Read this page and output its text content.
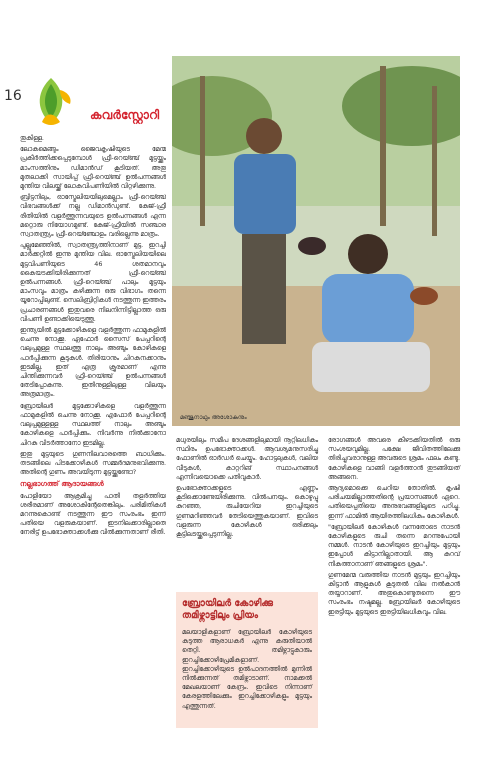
16
കവർസ്റ്റോറി
മഞ്ജുനാഥും അശോകനും

തുകിള്ള.

ലോകമെങ്ങും ജൈവകൃഷിയുടെ മേന്മ പ്രകീർത്തിക്കപ്പെടുമ്പോൾ ഫ്രീ-റെയ്ഞ്ച് മുട്ടയ്ക്കും മാംസത്തിനും ഡിമാൻഡ് കൂടിയത്. അതു മുതലാക്കി സായിപ്പ് ഫ്രീ-റെയ്ഞ്ച് ഉൽപന്നങ്ങൾ മുന്തിയ വിലയ്ക്ക് ലോകവിപണിയിൽ വിറ്റഴിക്കുന്നു.

ബ്രിട്ടനിലും, ഓസ്ട്രേലിയയിലുമെല്ലാം ഫ്രീ-റെയ്ഞ്ച് വിഭവങ്ങൾക്ക് നല്ല ഡിമാൻഡുണ്ട്. കേജ്-ഫ്രീ രീതിയിൽ വളർത്തുന്നവയുടെ ഉൽപന്നങ്ങൾ എന്ന മറ്റൊരു നിയോഗമുണ്ട്. കേജ്-ഫ്രീയിൽ സഞ്ചാര സ്വാതന്ത്ര്യം ഫ്രീ-റെയ്ഞ്ചോളം വരില്ലെന്നു മാത്രം.

പുല്ലുമേഞ്ഞിൽ, സ്വാതന്ത്ര്യത്തിനാണ് മുട്ട. ഇറച്ചി മാർക്കറ്റിൽ ഇന്നു മുന്തിയ വില. ഓസ്ട്രേലിയയിലെ മുട്ടവിപണിയുടെ 46 ശതമാനവും കൈയടക്കിയിരിക്കുന്നത് ഫ്രീ-റെയ്ഞ്ച് ഉൽപന്നങ്ങൾ. ഫ്രീ-റെയ്ഞ്ച് പാലും മുട്ടയും മാംസവും മാത്രം കഴിക്കുന്ന ഒരു വിഭാഗം തന്നെ യൂറോപ്പിലുണ്ട്. സെലിബ്രിറ്റികൾ നടത്തുന്ന ഇത്തരം പ്രചാരണങ്ങൾ ഇതുവരെ നിലനിന്നിട്ടില്ലാത്ത ഒരു വിപണി ഉണ്ടാക്കിയെടുത്തു.

ഇന്ത്യയിൽ മുട്ടക്കോഴികളെ വളർത്തുന്ന ഫാമുകളിൽ ചെന്നു നോക്കൂ. ഏഫോർ സൈസ് പേപ്പറിന്റെ വലുപ്പമുള്ള സ്ഥലത്തു നാലും അഞ്ചും കോഴികളെ പാർപ്പിക്കുന്ന കൂടുകൾ. തിരിയാനും ചിറകനക്കാനും ഇടമില്ല. ഇത് എത്ര ക്രൂരമാണ് എന്നു ചിന്തിക്കുന്നവർ ഫ്രീ-റെയ്ഞ്ച് ഉൽപന്നങ്ങൾ തേടിപ്പോകുന്നു. ഇതിനുള്ളിലുള്ള വിലയും അത്രമാത്രം.

ബ്രോയിലർ മുട്ടക്കോഴികളെ വളർത്തുന്ന ഫാമുകളിൽ ചെന്നു നോക്കൂ. എഫോർ പേപ്പറിന്റെ വലുപ്പമുള്ളള്ള സ്ഥലത്ത് നാലും അഞ്ചും കോഴികളെ പാർപ്പിക്കും. നിവർന്നു നിൽക്കാനോ ചിറകു വിടർത്താനോ ഇടമില്ല.

ഇതു മുട്ടയുടെ ഗുണനിലവാരത്തെ ബാധിക്കും. തടങ്ങിലെ പിടക്കോഴികൾ സമ്മർദമനുഭവിക്കുന്നു. അതിന്റെ ഗുണം അവയിടുന്ന മുട്ടയ്ക്കുണ്ടോ?

നല്ലഭാഗത്ത് ആദായങ്ങൾ

പോളിയോ ആക്രമിച്ചു പാതി തളർത്തിയ ശരീരമാണ് അശോകിന്റേതെങ്കിലും. പരിമിതികൾ മറന്നുകൊണ്ട് നടത്തുന്ന ഈ സംരംഭം ഇന്ന് പതിയെ വളരുകയാണ്. ഇടനിലക്കാരില്ലാതെ നേരിട്ട് ഉപഭോക്താക്കൾക്കു വിൽക്കുന്നതാണ് രീതി.

മധുരയിലും സമീപ ദേശങ്ങളിലുമായി നൂറ്റിലധികം സ്ഥിരം ഉപഭോക്താക്കൾ. ആവശ്യമനുസരിച്ചു ഫോണിൽ ഓർഡർ ചെയ്യും. ഹോട്ടലുകൾ, വലിയ വീടുകൾ, കാറ്ററിങ് സ്ഥാപനങ്ങൾ എന്നിവയൊക്കെ പതിവുകാർ.

ഉപഭോക്താക്കളുടെ എണ്ണം കൂടിക്കൊണ്ടേയിരിക്കുന്നു. വിൽപനയും. കൊഴുപ്പു കുറഞ്ഞ, രുചിയേറിയ ഇറച്ചിയുടെ ഗുണമറിഞ്ഞവർ തേടിയെത്തുകയാണ്. ഇവിടെ വളരുന്ന കോഴികൾ ഒരിക്കലും കൂട്ടിലടയ്ക്കപ്പെടുന്നില്ല.

ബ്രോയിലർ കോഴിക്കു തമിഴ്നാട്ടിലും പ്രിയം
മലയാളികളാണ് ബ്രോയിലർ കോഴിയുടെ കടുത്ത ആരാധകർ എന്നു കരുതിയാൽ തെറ്റി. തമിഴ്നാട്ടുകാരും ഇറച്ചിക്കോഴിപ്രേമികളാണ്. ഇറച്ചിക്കോഴിയുടെ ഉൽപാദനത്തിൽ മുന്നിൽ നിൽക്കുന്നത് തമിഴ്നാടാണ്. നാമക്കൽ മേഖലയാണ് കേന്ദ്രം. ഇവിടെ നിന്നാണ് കേരളത്തിലേക്കും ഇറച്ചിക്കോഴികളും മുട്ടയും എത്തുന്നത്.

രോഗങ്ങൾ അവരെ കീഴടക്കിയതിൽ ഒരു സംശയവുമില്ല. പക്ഷേ ജീവിതത്തിലേക്കു തിരിച്ചുവരാനുള്ള അവരുടെ ശ്രമം ഫലം കണ്ടു. കോഴികളെ വാങ്ങി വളർത്താൻ തുടങ്ങിയത് അങ്ങനെ.

ആദ്യമൊക്കെ ചെറിയ തോതിൽ. കൃഷി പരിചയമില്ലാത്തതിന്റെ പ്രയാസങ്ങൾ ഏറെ. പതിയെപ്പതിയെ അനുഭവങ്ങളിലൂടെ പഠിച്ചു. ഇന്ന് ഫാമിൽ ആയിരത്തിലധികം കോഴികൾ.

"ബ്രോയിലർ കോഴികൾ വന്നതോടെ നാടൻ കോഴികളുടെ രുചി തന്നെ മറന്നുപോയി നമ്മൾ. നാടൻ കോഴിയുടെ ഇറച്ചിയും മുട്ടയും ഇപ്പോൾ കിട്ടാനില്ലാതായി. ആ കുറവ് നികത്താനാണ് ഞങ്ങളുടെ ശ്രമം".

ഗുണമേന്മ വരുത്തിയ നാടൻ മുട്ടയും ഇറച്ചിയും കിട്ടാൻ ആളുകൾ കൂടുതൽ വില നൽകാൻ തയ്യാറാണ്. അതുകൊണ്ടുതന്നെ ഈ സംരംഭം നഷ്ടമല്ല. ബ്രോയിലർ കോഴിയുടെ ഇരട്ടിയും മുട്ടയുടെ ഇരട്ടിയിലധികവും വില.
